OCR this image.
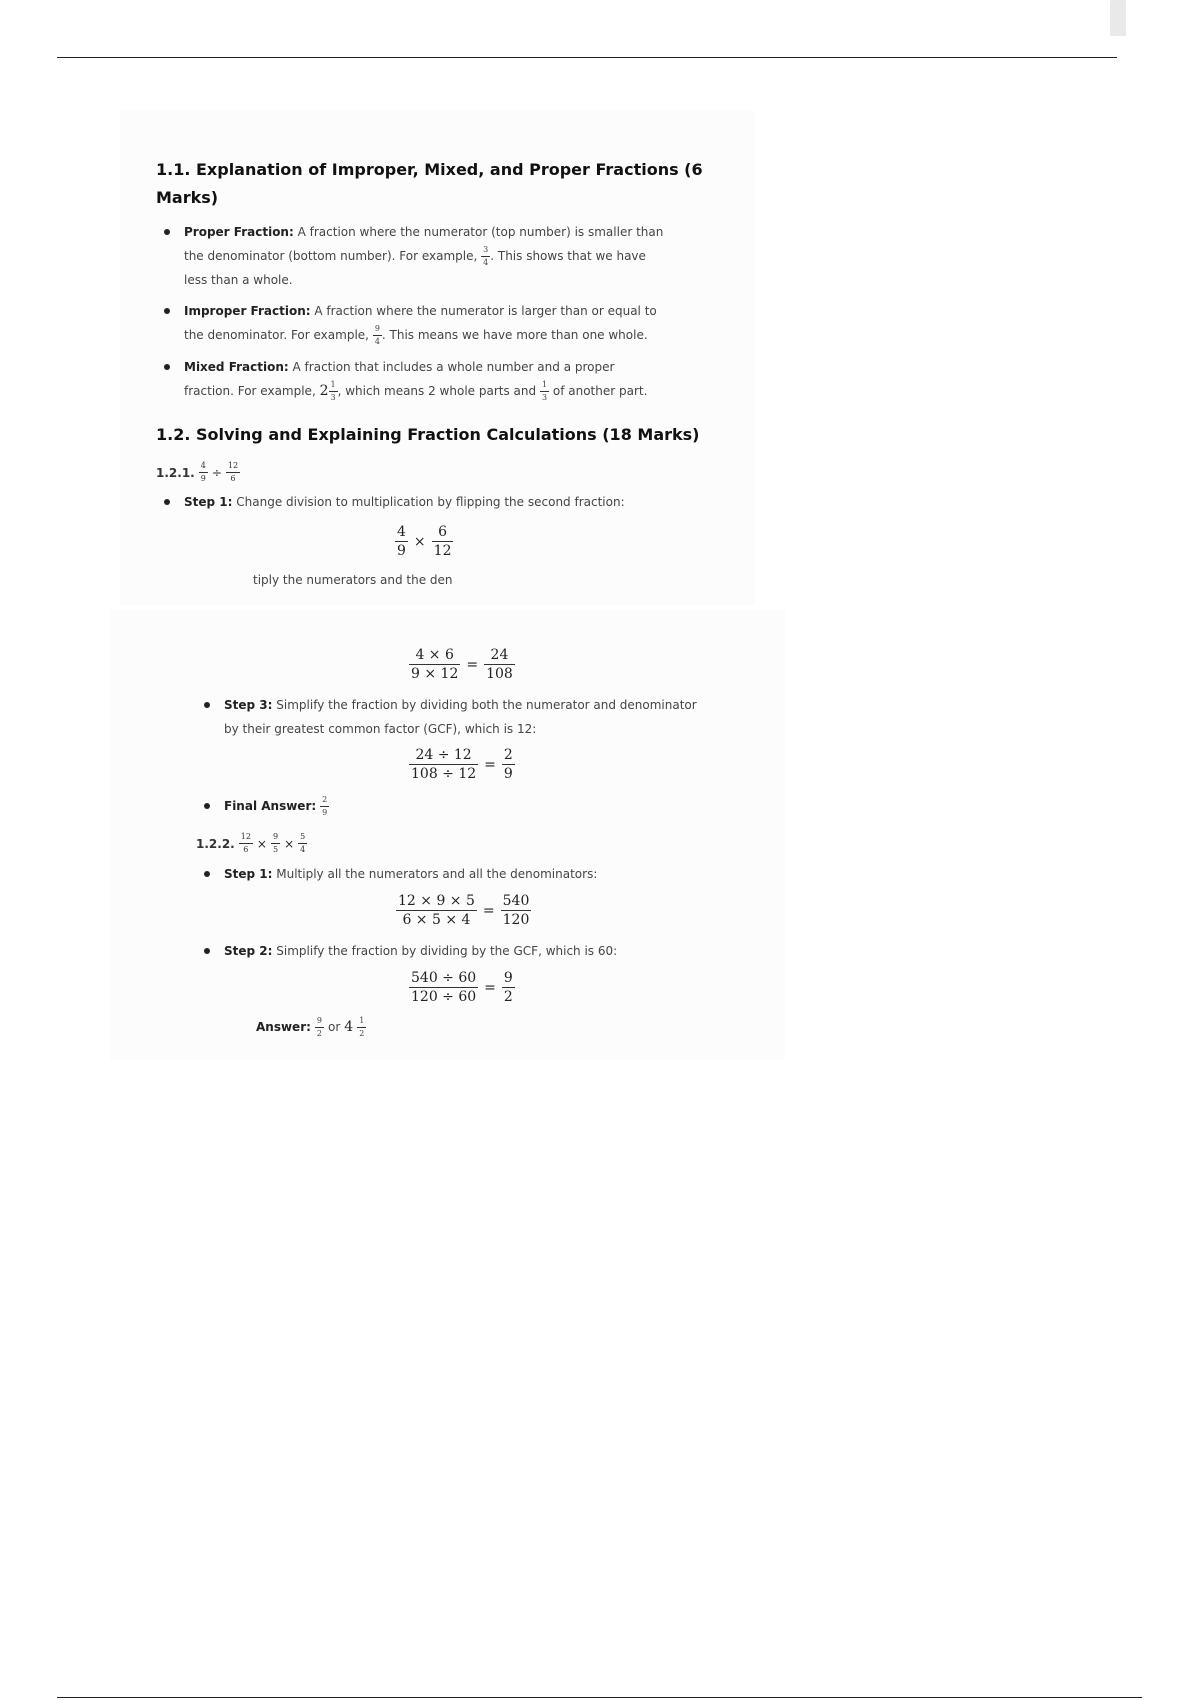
1.1. Explanation of Improper, Mixed, and Proper Fractions (6
Marks)
Proper Fraction: A fraction where the numerator (top number) is smaller than
the denominator (bottom number). For example, $\frac{3}{4}$ . This shows that we have
less than a whole.
Improper Fraction: A fraction where the numerator is larger than or equal to
the denominator. For example, $\frac{9}{4}$ . This means we have more than one whole.
Mixed Fraction: A fraction that includes a whole number and a proper
fraction. For example, $2 \frac{1}{3}$ , which means 2 whole parts and $\frac{1}{3}$ of another part.
1.2. Solving and Explaining Fraction Calculations (18 Marks)
1.2.1. $\frac{4}{9} \div \frac{12}{6}$
Step 1: Change division to multiplication by flipping the second fraction:
$\frac{4}{9} \times \frac{6}{12}$
tiply the numerators and the den
$\frac{4 \times 6}{9 \times 12} = \frac{24}{108}$
Step 3: Simplify the fraction by dividing both the numerator and denominator
by their greatest common factor (GCF), which is 12:
$\frac{24 \div 12}{108 \div 12} = \frac{2}{9}$
Final Answer: $\frac{2}{9}$
1.2.2. $\frac{12}{6} \times \frac{9}{5} \times \frac{5}{4}$
Step 1: Multiply all the numerators and all the denominators:
$\frac{12 \times 9 \times 5}{6 \times 5 \times 4} = \frac{540}{120}$
Step 2: Simplify the fraction by dividing by the GCF, which is 60:
$\frac{540 \div 60}{120 \div 60} = \frac{9}{2}$
Answer: $\frac{9}{2}$ or $4 \frac{1}{2}$
